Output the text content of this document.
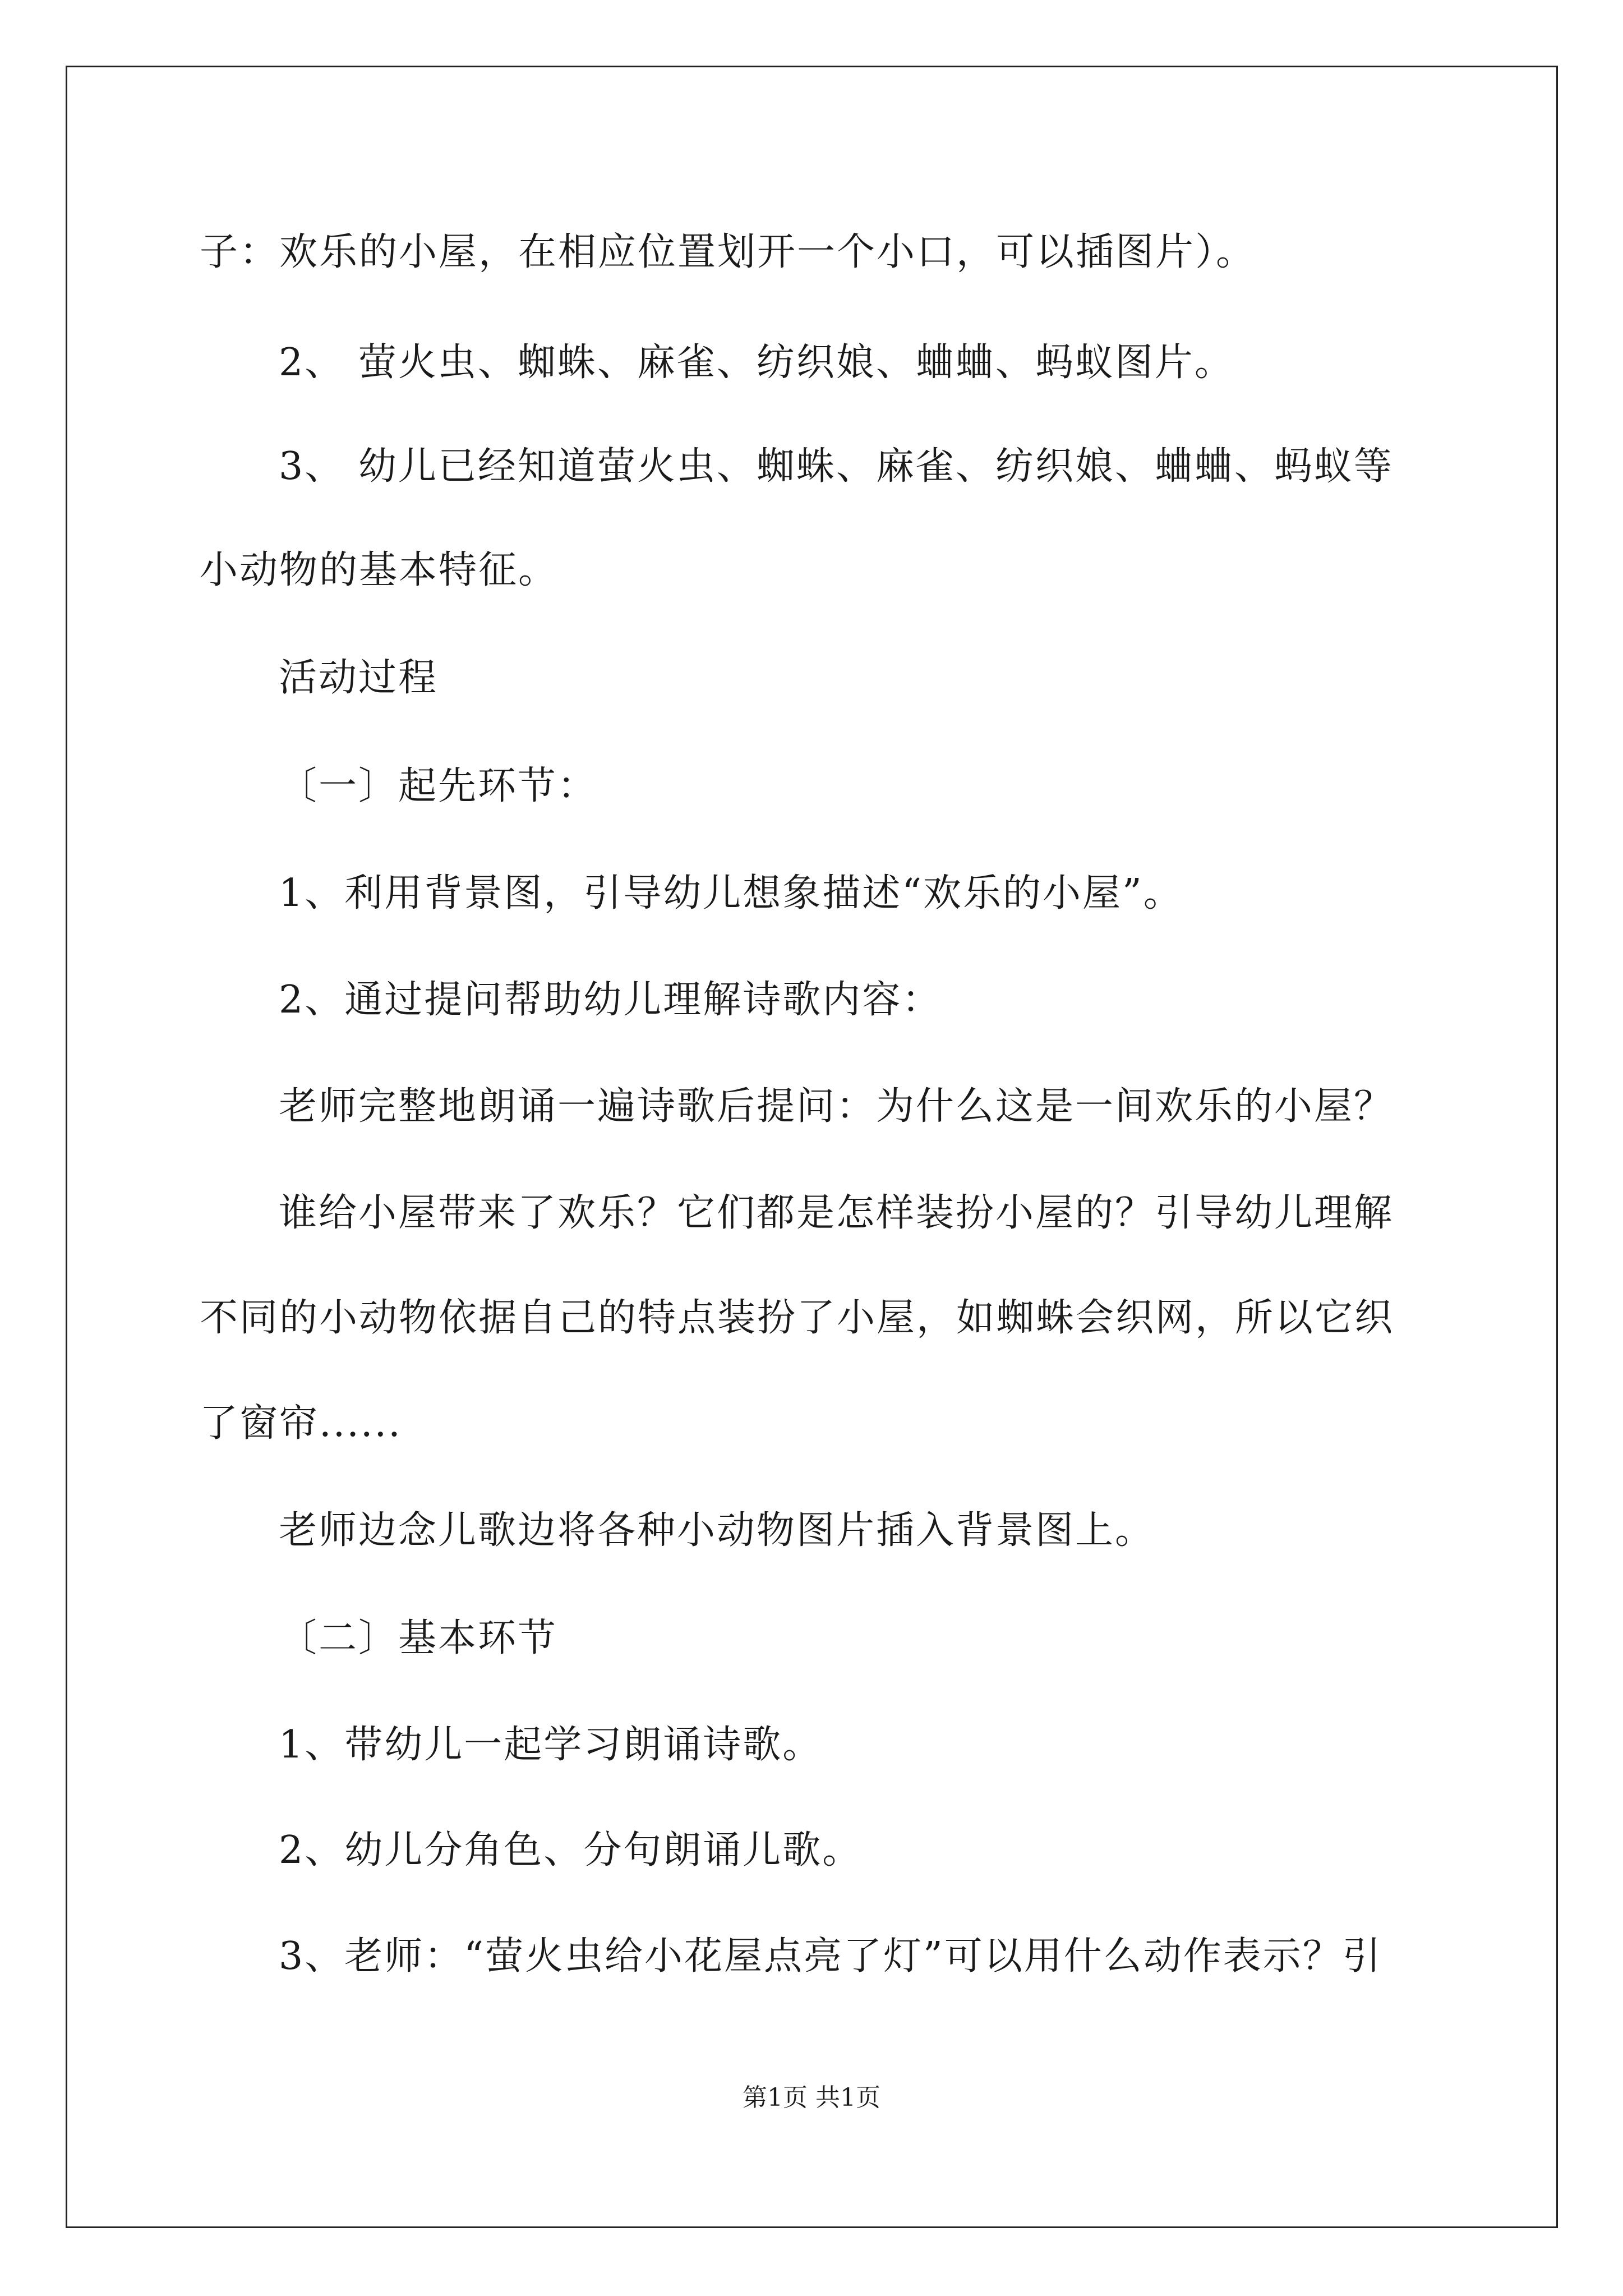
子：欢乐的小屋，在相应位置划开一个小口，可以插图片）。
2、 萤火虫、蜘蛛、麻雀、纺织娘、蛐蛐、蚂蚁图片。
3、 幼儿已经知道萤火虫、蜘蛛、麻雀、纺织娘、蛐蛐、蚂蚁等
小动物的基本特征。
活动过程
〔一〕起先环节：
1、利用背景图，引导幼儿想象描述“欢乐的小屋”。
2、通过提问帮助幼儿理解诗歌内容：
老师完整地朗诵一遍诗歌后提问：为什么这是一间欢乐的小屋？
谁给小屋带来了欢乐？它们都是怎样装扮小屋的？引导幼儿理解
不同的小动物依据自己的特点装扮了小屋，如蜘蛛会织网，所以它织
了窗帘......
老师边念儿歌边将各种小动物图片插入背景图上。
〔二〕基本环节
1、带幼儿一起学习朗诵诗歌。
2、幼儿分角色、分句朗诵儿歌。
3、老师：“萤火虫给小花屋点亮了灯”可以用什么动作表示？引
第1页 共1页
